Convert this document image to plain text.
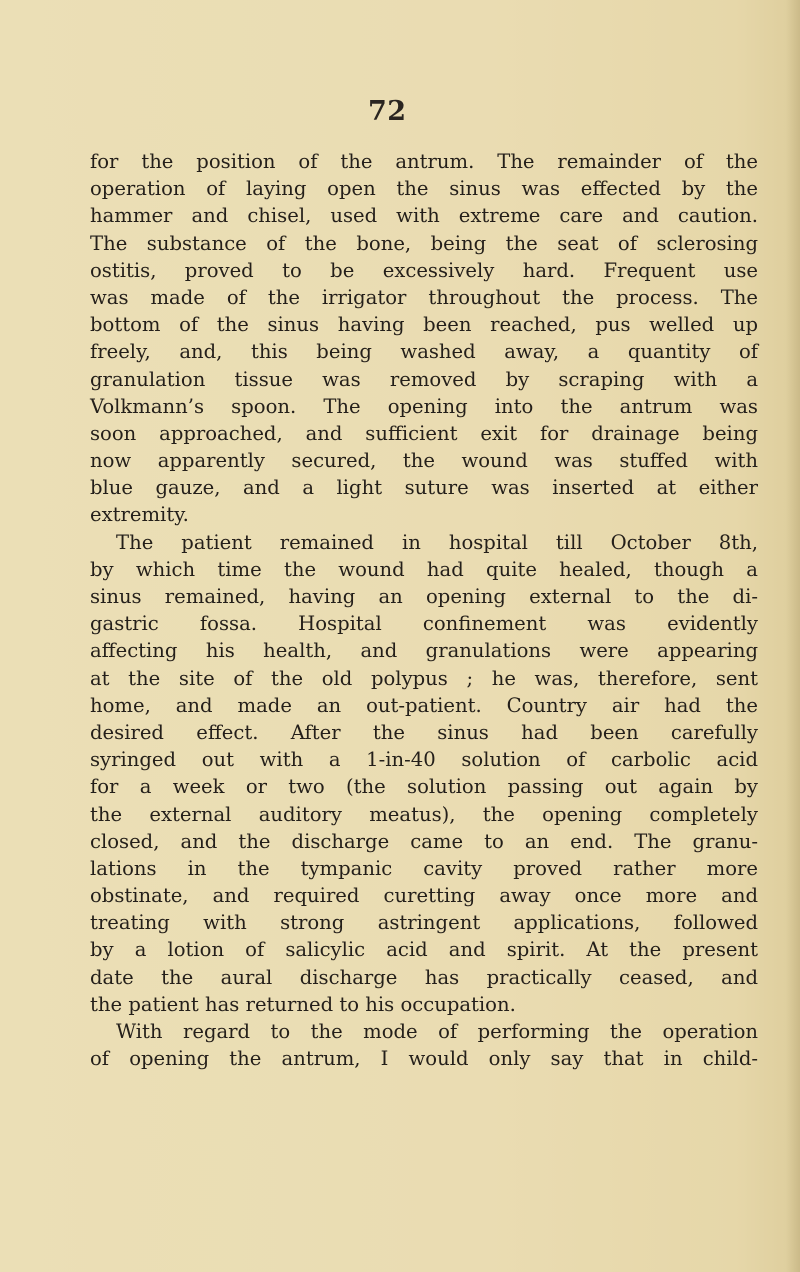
72
for the position of the antrum. The remainder of the
operation of laying open the sinus was effected by the
hammer and chisel, used with extreme care and caution.
The substance of the bone, being the seat of sclerosing
ostitis, proved to be excessively hard. Frequent use
was made of the irrigator throughout the process. The
bottom of the sinus having been reached, pus welled up
freely, and, this being washed away, a quantity of
granulation tissue was removed by scraping with a
Volkmann’s spoon. The opening into the antrum was
soon approached, and sufficient exit for drainage being
now apparently secured, the wound was stuffed with
blue gauze, and a light suture was inserted at either
extremity.
The patient remained in hospital till October 8th,
by which time the wound had quite healed, though a
sinus remained, having an opening external to the di-
gastric fossa. Hospital confinement was evidently
affecting his health, and granulations were appearing
at the site of the old polypus ; he was, therefore, sent
home, and made an out-patient. Country air had the
desired effect. After the sinus had been carefully
syringed out with a 1-in-40 solution of carbolic acid
for a week or two (the solution passing out again by
the external auditory meatus), the opening completely
closed, and the discharge came to an end. The granu-
lations in the tympanic cavity proved rather more
obstinate, and required curetting away once more and
treating with strong astringent applications, followed
by a lotion of salicylic acid and spirit. At the present
date the aural discharge has practically ceased, and
the patient has returned to his occupation.
With regard to the mode of performing the operation
of opening the antrum, I would only say that in child-
